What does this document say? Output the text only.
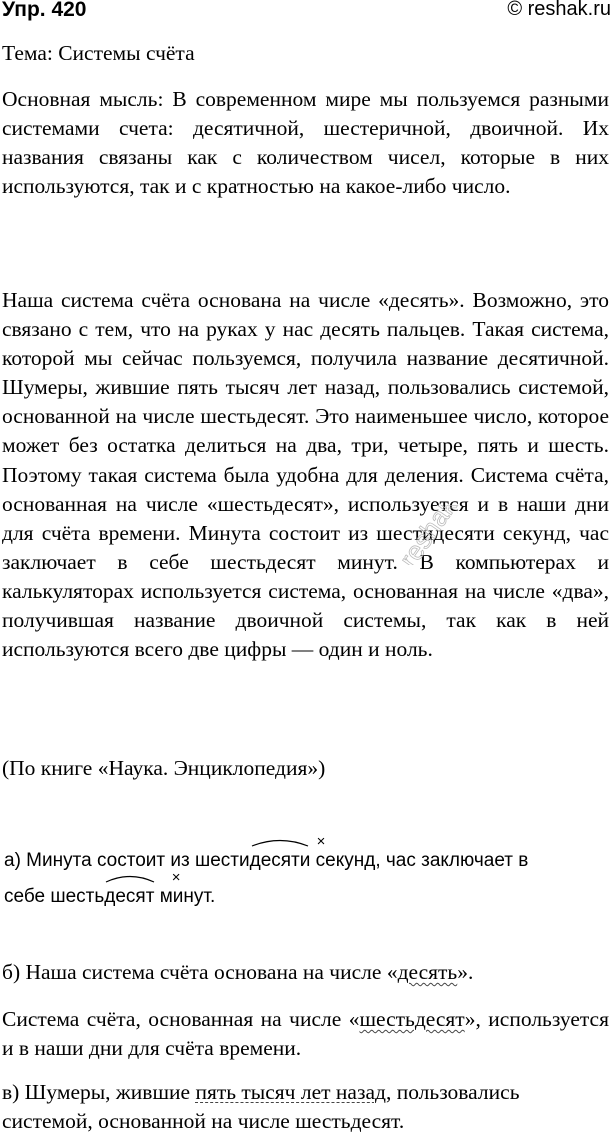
Упр. 420	© reshak.ru

Тема: Системы счёта

Основная мысль: В современном мире мы пользуемся разными системами счета: десятичной, шестеричной, двоичной. Их названия связаны как с количеством чисел, которые в них используются, так и с кратностью на какое-либо число.

Наша система счёта основана на числе «десять». Возможно, это связано с тем, что на руках у нас десять пальцев. Такая система, которой мы сейчас пользуемся, получила название десятичной. Шумеры, жившие пять тысяч лет назад, пользовались системой, основанной на числе шестьдесят. Это наименьшее число, которое может без остатка делиться на два, три, четыре, пять и шесть. Поэтому такая система была удобна для деления. Система счёта, основанная на числе «шестьдесят», используется и в наши дни для счёта времени. Минута состоит из шестидесяти секунд, час заключает в себе шестьдесят минут. В компьютерах и калькуляторах используется система, основанная на числе «два», получившая название двоичной системы, так как в ней используются всего две цифры — один и ноль.

reshak.ru

(По книге «Наука. Энциклопедия»)

а) Минута состоит из шести
десяти
×
секунд, час заключает в
себе шесть
десят м
×
инут.
б) Наша система счёта основана на числе «десять».

Система счёта, основанная на числе «шестьдесят», используется и в наши дни для счёта времени.

в) Шумеры, жившие пять тысяч лет назад, пользовались
системой, основанной на числе шестьдесят.
